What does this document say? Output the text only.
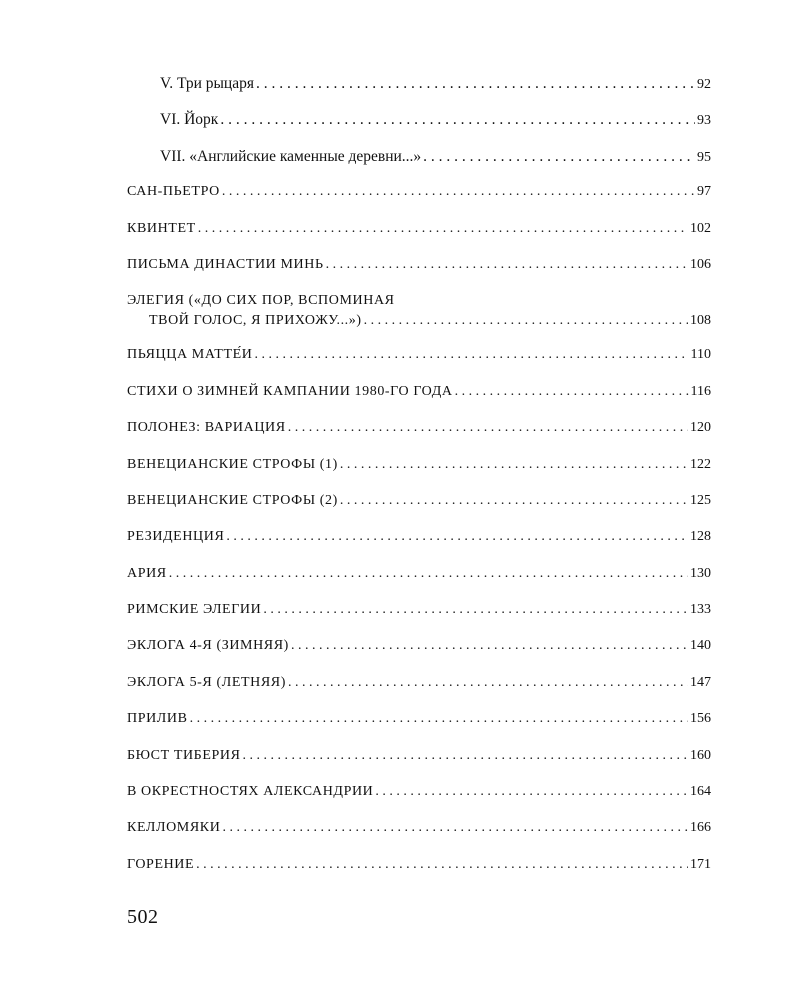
V. Три рыцаря . . .	92
VI. Йорк . . .	93
VII. «Английские каменные деревни...» . . .	95
САН-ПЬЕТРО . . .	97
КВИНТЕТ . . .	102
ПИСЬМА ДИНАСТИИ МИНЬ . . .	106
ЭЛЕГИЯ («ДО СИХ ПОР, ВСПОМИНАЯ
ТВОЙ ГОЛОС, Я ПРИХОЖУ...») . . .	108
ПЬЯЦЦА МАТТЕ́И . . .	110
СТИХИ О ЗИМНЕЙ КАМПАНИИ 1980-ГО ГОДА . . .	116
ПОЛОНЕЗ: ВАРИАЦИЯ . . .	120
ВЕНЕЦИАНСКИЕ СТРОФЫ (1) . . .	122
ВЕНЕЦИАНСКИЕ СТРОФЫ (2) . . .	125
РЕЗИДЕНЦИЯ . . .	128
АРИЯ . . .	130
РИМСКИЕ ЭЛЕГИИ . . .	133
ЭКЛОГА 4-Я (ЗИМНЯЯ) . . .	140
ЭКЛОГА 5-Я (ЛЕТНЯЯ) . . .	147
ПРИЛИВ . . .	156
БЮСТ ТИБЕРИЯ . . .	160
В ОКРЕСТНОСТЯХ АЛЕКСАНДРИИ . . .	164
КЕЛЛОМЯКИ . . .	166
ГОРЕНИЕ . . .	171
502
